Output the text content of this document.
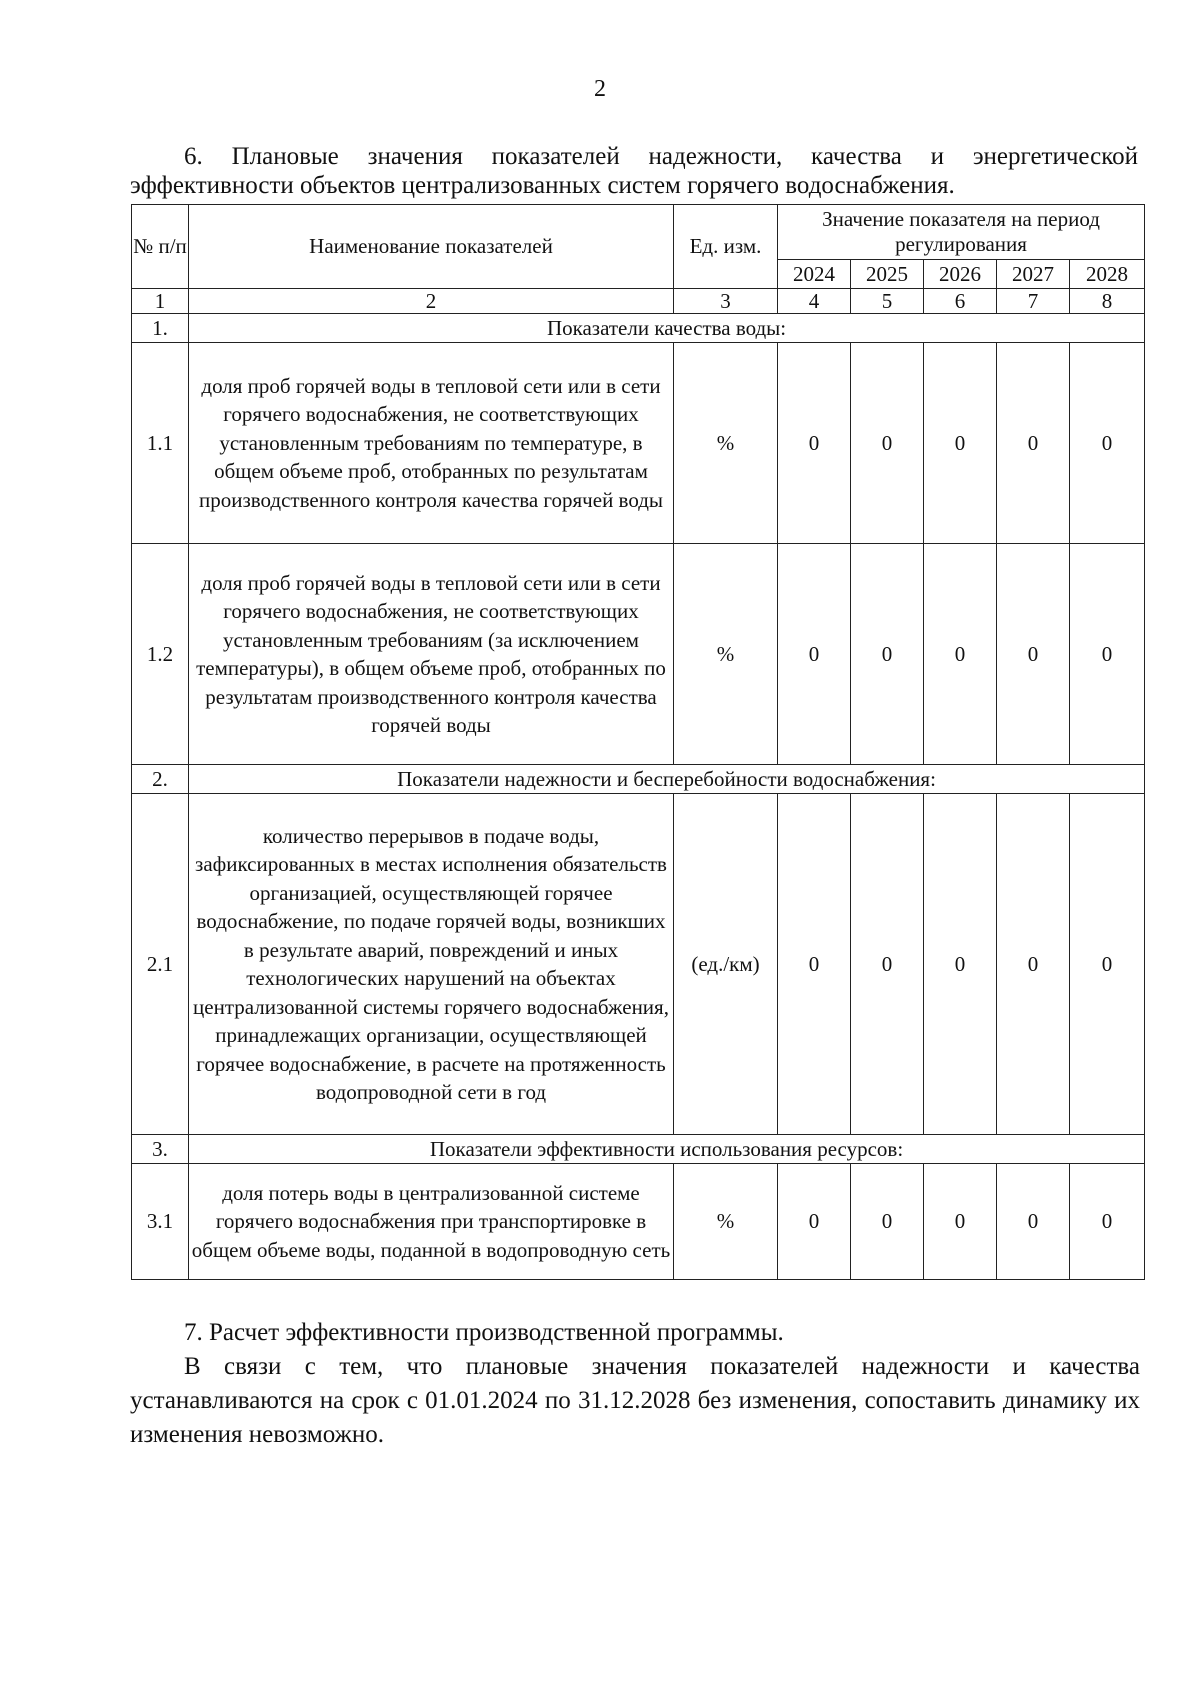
2
6. Плановые значения показателей надежности, качества и энергетической
эффективности объектов централизованных систем горячего водоснабжения.
№ п/п	Наименование показателей	Ед. изм.	Значение показателя на период регулирования				
			2024	2025	2026	2027	2028
1	2	3	4	5	6	7	8
1.	Показатели качества воды:						
1.1	доля проб горячей воды в тепловой сети или в сети горячего водоснабжения, не соответствующих установленным требованиям по температуре, в общем объеме проб, отобранных по результатам производственного контроля качества горячей воды	%	0	0	0	0	0
1.2	доля проб горячей воды в тепловой сети или в сети горячего водоснабжения, не соответствующих установленным требованиям (за исключением температуры), в общем объеме проб, отобранных по результатам производственного контроля качества горячей воды	%	0	0	0	0	0
2.	Показатели надежности и бесперебойности водоснабжения:						
2.1	количество перерывов в подаче воды, зафиксированных в местах исполнения обязательств организацией, осуществляющей горячее водоснабжение, по подаче горячей воды, возникших в результате аварий, повреждений и иных технологических нарушений на объектах централизованной системы горячего водоснабжения, принадлежащих организации, осуществляющей горячее водоснабжение, в расчете на протяженность водопроводной сети в год	(ед./км)	0	0	0	0	0
3.	Показатели эффективности использования ресурсов:						
3.1	доля потерь воды в централизованной системе горячего водоснабжения при транспортировке в общем объеме воды, поданной в водопроводную сеть	%	0	0	0	0	0
7. Расчет эффективности производственной программы.
В связи с тем, что плановые значения показателей надежности и качества устанавливаются на срок с 01.01.2024 по 31.12.2028 без изменения, сопоставить динамику их изменения невозможно.
